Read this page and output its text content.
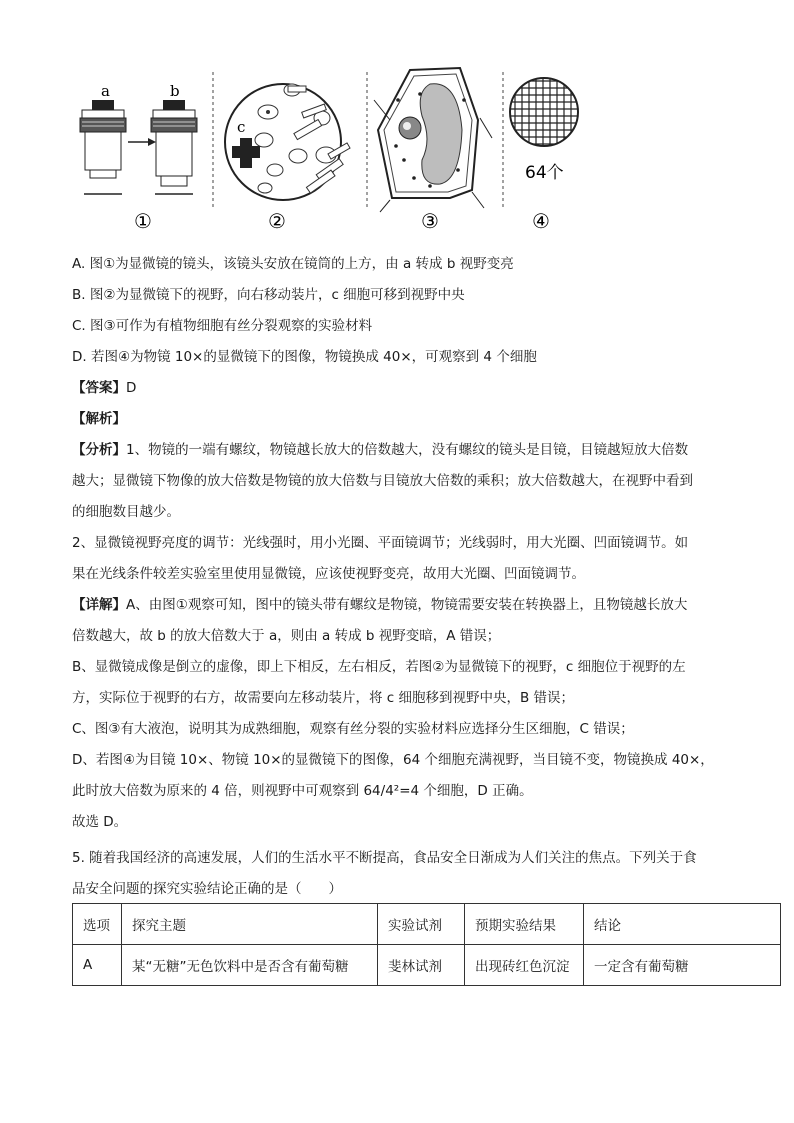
a	b
①
c
②	③
64个
④
A. 图①为显微镜的镜头，该镜头安放在镜筒的上方，由 a 转成 b 视野变亮
B. 图②为显微镜下的视野，向右移动装片，c 细胞可移到视野中央
C. 图③可作为有植物细胞有丝分裂观察的实验材料
D. 若图④为物镜 10×的显微镜下的图像，物镜换成 40×，可观察到 4 个细胞
【答案】D
【解析】
【分析】1、物镜的一端有螺纹，物镜越长放大的倍数越大，没有螺纹的镜头是目镜，目镜越短放大倍数
越大；显微镜下物像的放大倍数是物镜的放大倍数与目镜放大倍数的乘积；放大倍数越大，在视野中看到
的细胞数目越少。
2、显微镜视野亮度的调节：光线强时，用小光圈、平面镜调节；光线弱时，用大光圈、凹面镜调节。如
果在光线条件较差实验室里使用显微镜，应该使视野变亮，故用大光圈、凹面镜调节。
【详解】A、由图①观察可知，图中的镜头带有螺纹是物镜，物镜需要安装在转换器上，且物镜越长放大
倍数越大，故 b 的放大倍数大于 a，则由 a 转成 b 视野变暗，A 错误；
B、显微镜成像是倒立的虚像，即上下相反，左右相反，若图②为显微镜下的视野，c 细胞位于视野的左
方，实际位于视野的右方，故需要向左移动装片，将 c 细胞移到视野中央，B 错误；
C、图③有大液泡，说明其为成熟细胞，观察有丝分裂的实验材料应选择分生区细胞，C 错误；
D、若图④为目镜 10×、物镜 10×的显微镜下的图像，64 个细胞充满视野，当目镜不变，物镜换成 40×，
此时放大倍数为原来的 4 倍，则视野中可观察到 64/4²=4 个细胞，D 正确。
故选 D。
5. 随着我国经济的高速发展，人们的生活水平不断提高，食品安全日渐成为人们关注的焦点。下列关于食
品安全问题的探究实验结论正确的是（　　）
选项	探究主题	实验试剂	预期实验结果	结论
A	某“无糖”无色饮料中是否含有葡萄糖	斐林试剂	出现砖红色沉淀	一定含有葡萄糖
